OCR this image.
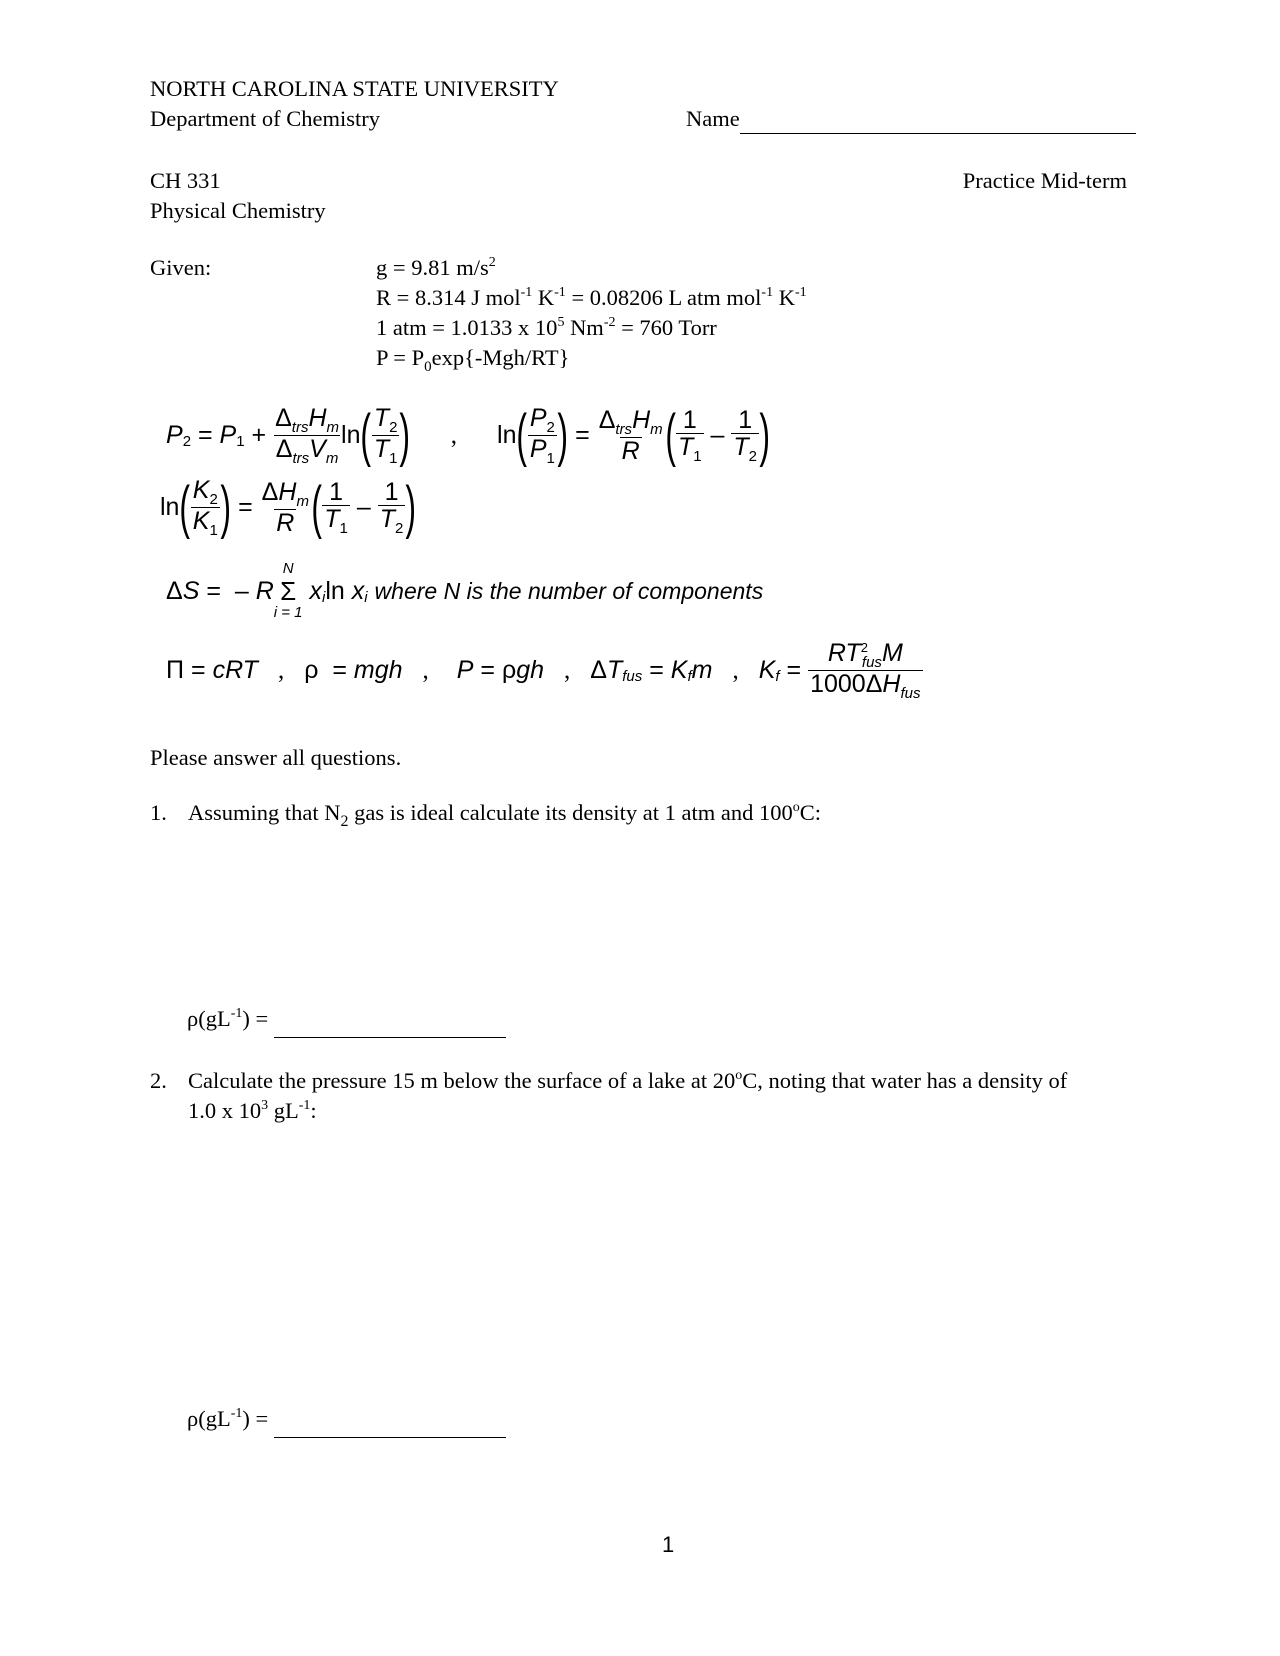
NORTH CAROLINA STATE UNIVERSITY
Department of Chemistry	Name
CH 331
Physical Chemistry
Practice Mid-term
Given:	g = 9.81 $m/s^2$
R = 8.314 J mol$^{-1}$ $K^{-1} = 0.08206$ L atm mol$^{-1}$ $K^{-1}$
1 atm = 1.0133 x $10^5$ $Nm^{-2} = 760$ Torr
$P = P_0\exp\{-Mgh/RT\}$
P 2
= P 1
+
$\frac{\Delta_{trs}H_m}{\Delta_{trs}V_m}$ ln ( $\frac{T_2}{T_1}$ ) , ln ( $\frac{P_2}{P_1}$ )
=
$\frac{\Delta_{trs}H_m}{R}$ ( $\frac{1}{T_1}$
–
$\frac{1}{T_2}$ )
ln ( $\frac{K_2}{K_1}$ )
=
$\frac{\Delta H_m}{R}$ ( $\frac{1}{T_1}$
–
$\frac{1}{T_2}$ )
Δ S =
– R
N
Σ
i = 1
x i ln x i
where N is the number of components
Π
= cRT , ρ
= mgh , P =
ρ gh , Δ T fus
= K f m , K f
=
$\frac{RT^2_{fus}M}{1000\Delta H_{fus}}$
Please answer all questions.
1. Assuming that $N_2$ gas is ideal calculate its density at 1 atm and 100$^o$C:
$\rho(gL^{-1})$ =
2. Calculate the pressure 15 m below the surface of a lake at 20$^o$C, noting that water has a density of
1.0 x $10^3$ $gL^{-1}$:
$\rho(gL^{-1})$ =
1
